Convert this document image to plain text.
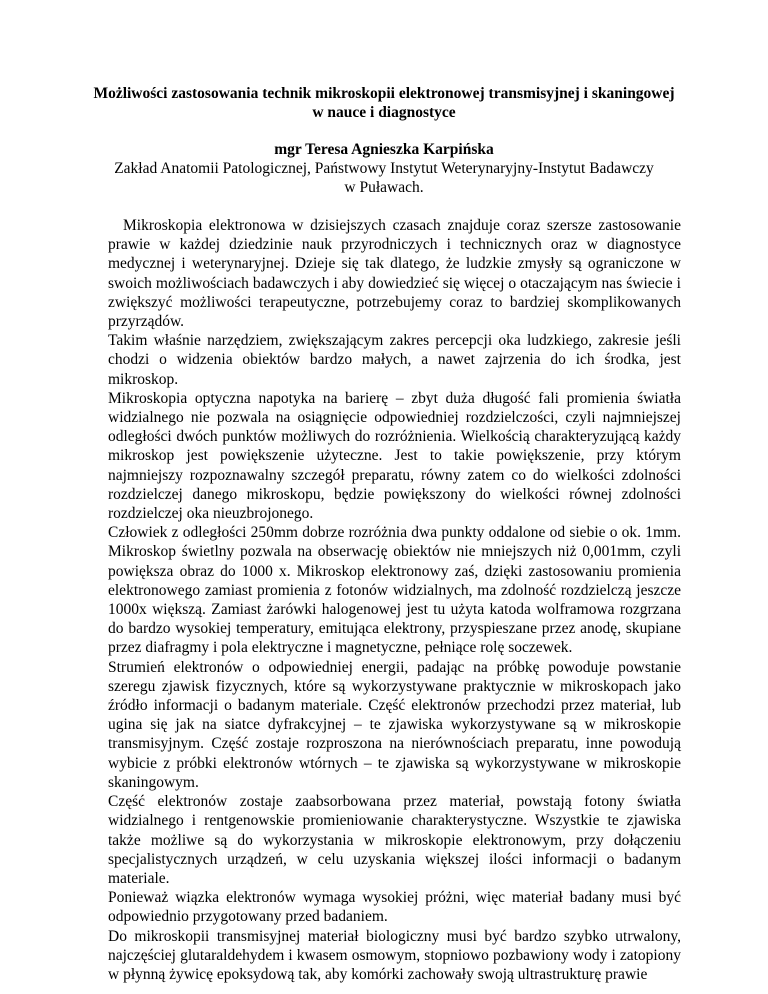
Możliwości zastosowania technik mikroskopii elektronowej transmisyjnej i skaningowej
w nauce i diagnostyce
mgr Teresa Agnieszka Karpińska
Zakład Anatomii Patologicznej, Państwowy Instytut Weterynaryjny-Instytut Badawczy
w Puławach.

Mikroskopia elektronowa w dzisiejszych czasach znajduje coraz szersze zastosowanie prawie w każdej dziedzinie nauk przyrodniczych i technicznych oraz w diagnostyce medycznej i weterynaryjnej. Dzieje się tak dlatego, że ludzkie zmysły są ograniczone w swoich możliwościach badawczych i aby dowiedzieć się więcej o otaczającym nas świecie i zwiększyć możliwości terapeutyczne, potrzebujemy coraz to bardziej skomplikowanych przyrządów.

Takim właśnie narzędziem, zwiększającym zakres percepcji oka ludzkiego, zakresie jeśli chodzi o widzenia obiektów bardzo małych, a nawet zajrzenia do ich środka, jest mikroskop.

Mikroskopia optyczna napotyka na barierę – zbyt duża długość fali promienia światła widzialnego nie pozwala na osiągnięcie odpowiedniej rozdzielczości, czyli najmniejszej odległości dwóch punktów możliwych do rozróżnienia. Wielkością charakteryzującą każdy mikroskop jest powiększenie użyteczne. Jest to takie powiększenie, przy którym najmniejszy rozpoznawalny szczegół preparatu, równy zatem co do wielkości zdolności rozdzielczej danego mikroskopu, będzie powiększony do wielkości równej zdolności rozdzielczej oka nieuzbrojonego.

Człowiek z odległości 250mm dobrze rozróżnia dwa punkty oddalone od siebie o ok. 1mm. Mikroskop świetlny pozwala na obserwację obiektów nie mniejszych niż 0,001mm, czyli powiększa obraz do 1000 x. Mikroskop elektronowy zaś, dzięki zastosowaniu promienia elektronowego zamiast promienia z fotonów widzialnych, ma zdolność rozdzielczą jeszcze 1000x większą. Zamiast żarówki halogenowej jest tu użyta katoda wolframowa rozgrzana do bardzo wysokiej temperatury, emitująca elektrony, przyspieszane przez anodę, skupiane przez diafragmy i pola elektryczne i magnetyczne, pełniące rolę soczewek.

Strumień elektronów o odpowiedniej energii, padając na próbkę powoduje powstanie szeregu zjawisk fizycznych, które są wykorzystywane praktycznie w mikroskopach jako źródło informacji o badanym materiale. Część elektronów przechodzi przez materiał, lub ugina się jak na siatce dyfrakcyjnej – te zjawiska wykorzystywane są w mikroskopie transmisyjnym. Część zostaje rozproszona na nierównościach preparatu, inne powodują wybicie z próbki elektronów wtórnych – te zjawiska są wykorzystywane w mikroskopie skaningowym.

Część elektronów zostaje zaabsorbowana przez materiał, powstają fotony światła widzialnego i rentgenowskie promieniowanie charakterystyczne. Wszystkie te zjawiska także możliwe są do wykorzystania w mikroskopie elektronowym, przy dołączeniu specjalistycznych urządzeń, w celu uzyskania większej ilości informacji o badanym materiale.

Ponieważ wiązka elektronów wymaga wysokiej próżni, więc materiał badany musi być odpowiednio przygotowany przed badaniem.

Do mikroskopii transmisyjnej materiał biologiczny musi być bardzo szybko utrwalony, najczęściej glutaraldehydem i kwasem osmowym, stopniowo pozbawiony wody i zatopiony w płynną żywicę epoksydową tak, aby komórki zachowały swoją ultrastrukturę prawie
